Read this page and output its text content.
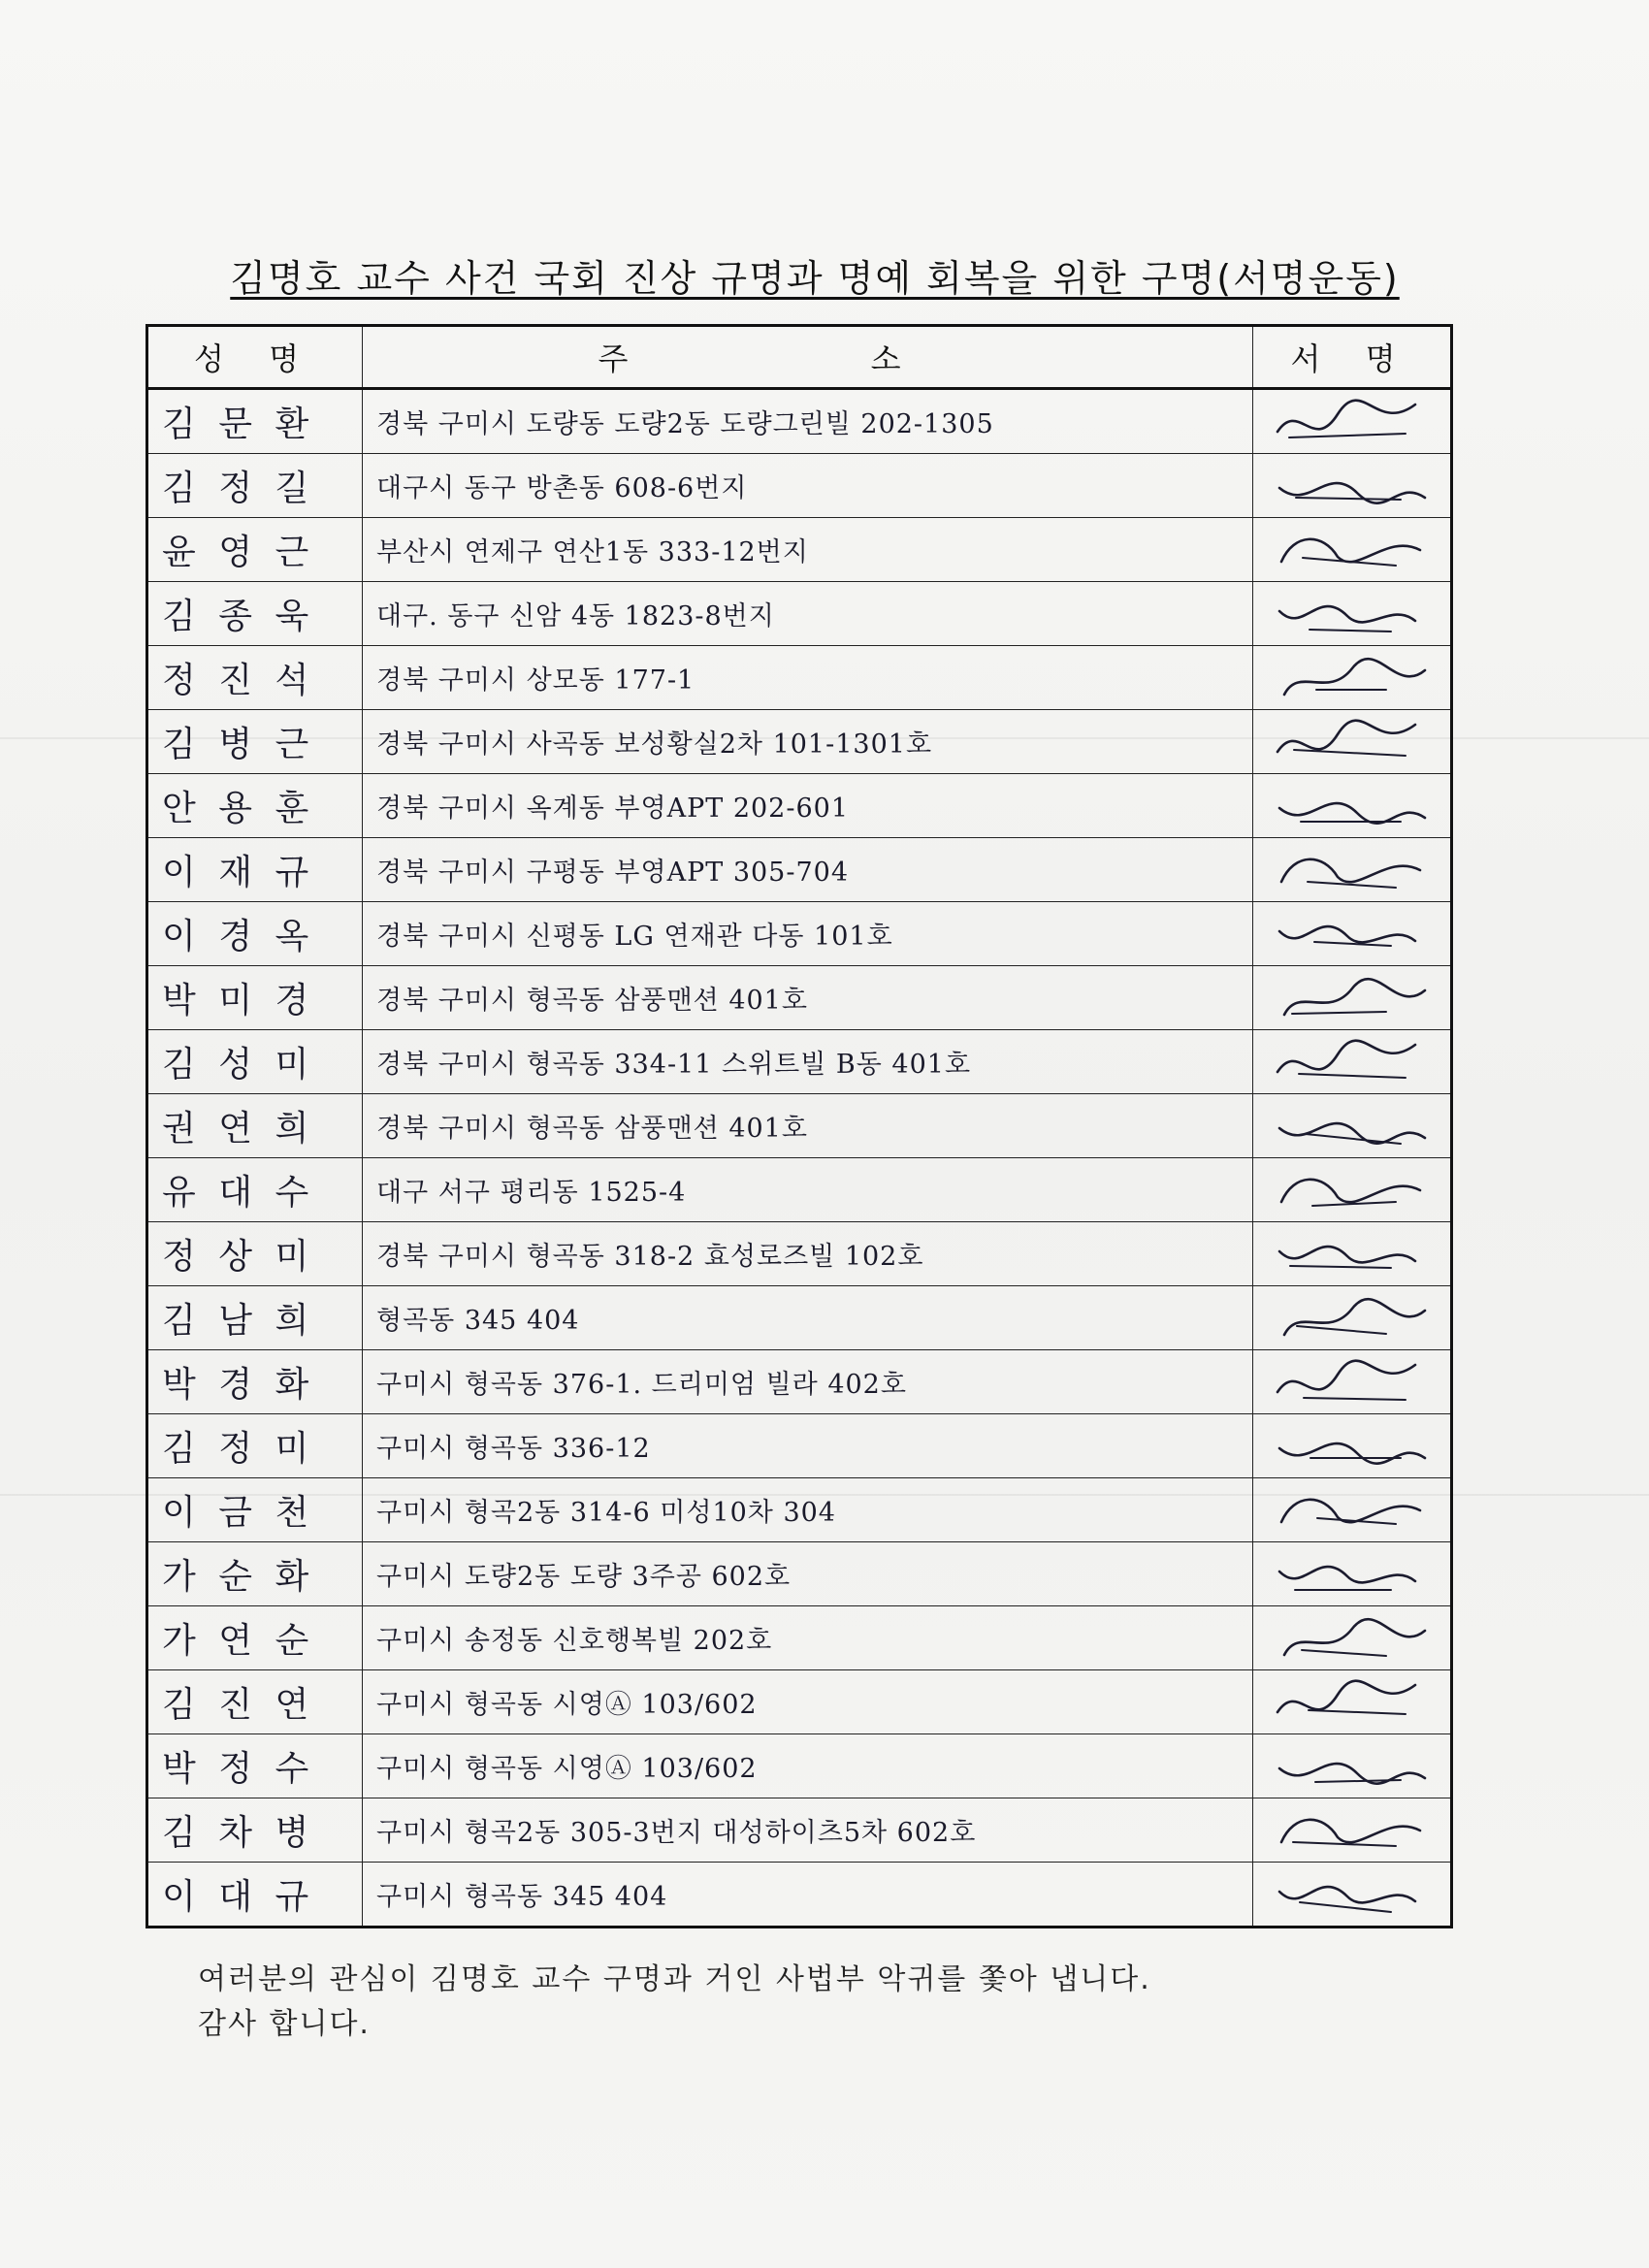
김명호 교수 사건 국회 진상 규명과 명예 회복을 위한 구명(서명운동)
성 명	주 소	서 명
김 문 환	경북 구미시 도량동 도량2동 도량그린빌 202-1305	

김 정 길	대구시 동구 방촌동 608-6번지	

윤 영 근	부산시 연제구 연산1동 333-12번지	

김 종 욱	대구. 동구 신암 4동 1823-8번지	

정 진 석	경북 구미시 상모동 177-1	

김 병 근	경북 구미시 사곡동 보성황실2차 101-1301호	

안 용 훈	경북 구미시 옥계동 부영APT 202-601	

이 재 규	경북 구미시 구평동 부영APT 305-704	

이 경 옥	경북 구미시 신평동 LG 연재관 다동 101호	

박 미 경	경북 구미시 형곡동 삼풍맨션 401호	

김 성 미	경북 구미시 형곡동 334-11 스위트빌 B동 401호	

권 연 희	경북 구미시 형곡동 삼풍맨션 401호	

유 대 수	대구 서구 평리동 1525-4	

정 상 미	경북 구미시 형곡동 318-2 효성로즈빌 102호	

김 남 희	형곡동 345 404	

박 경 화	구미시 형곡동 376-1. 드리미엄 빌라 402호	

김 정 미	구미시 형곡동 336-12	

이 금 천	구미시 형곡2동 314-6 미성10차 304	

가 순 화	구미시 도량2동 도량 3주공 602호	

가 연 순	구미시 송정동 신호행복빌 202호	

김 진 연	구미시 형곡동 시영Ⓐ 103/602	

박 정 수	구미시 형곡동 시영Ⓐ 103/602	

김 차 병	구미시 형곡2동 305-3번지 대성하이츠5차 602호	

이 대 규	구미시 형곡동 345 404	

여러분의 관심이 김명호 교수 구명과 거인 사법부 악귀를 쫓아 냅니다.

감사 합니다.
